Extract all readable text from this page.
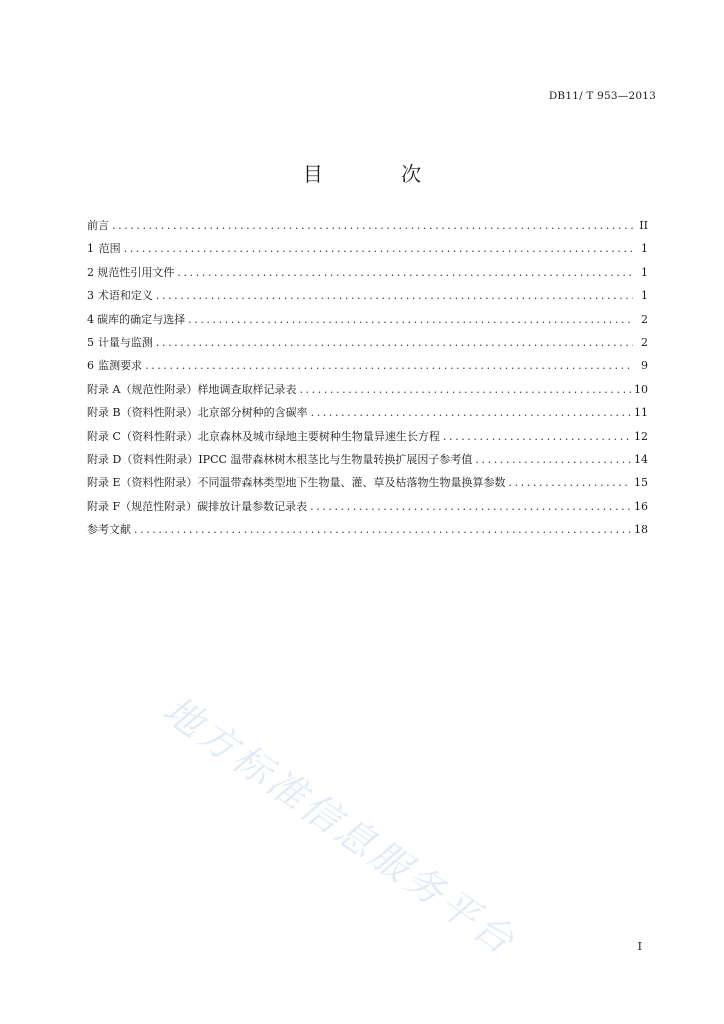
DB11/ T 953—2013
目 次
前言 .....	II
1 范围 .....	1
2 规范性引用文件 .....	1
3 术语和定义 .....	1
4 碳库的确定与选择 .....	2
5 计量与监测 .....	2
6 监测要求 .....	9
附录 A（规范性附录） 样地调查取样记录表 .....	10
附录 B（资料性附录） 北京部分树种的含碳率 .....	11
附录 C（资料性附录） 北京森林及城市绿地主要树种生物量异速生长方程 .....	12
附录 D（资料性附录） IPCC 温带森林树木根茎比与生物量转换扩展因子参考值 .....	14
附录 E（资料性附录） 不同温带森林类型地下生物量、灌、草及枯落物生物量换算参数 .....	15
附录 F（规范性附录） 碳排放计量参数记录表 .....	16
参考文献 .....	18
地方标准信息服务平台	I
